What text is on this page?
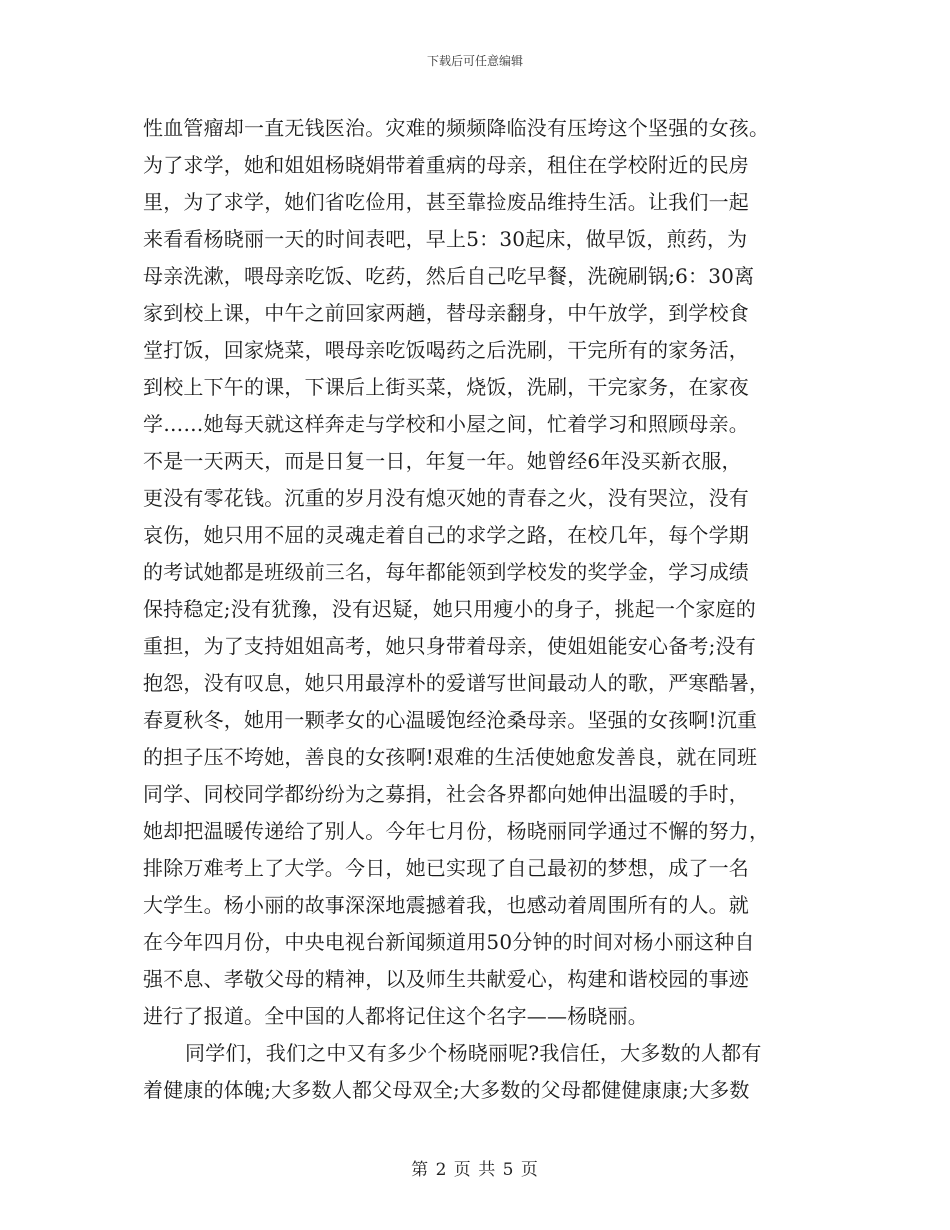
下载后可任意编辑
性血管瘤却一直无钱医治。灾难的频频降临没有压垮这个坚强的女孩。
为了求学，她和姐姐杨晓娟带着重病的母亲，租住在学校附近的民房
里，为了求学，她们省吃俭用，甚至靠捡废品维持生活。让我们一起
来看看杨晓丽一天的时间表吧，早上5：30起床，做早饭，煎药，为
母亲洗漱，喂母亲吃饭、吃药，然后自己吃早餐，洗碗刷锅;6：30离
家到校上课，中午之前回家两趟，替母亲翻身，中午放学，到学校食
堂打饭，回家烧菜，喂母亲吃饭喝药之后洗刷，干完所有的家务活，
到校上下午的课，下课后上街买菜，烧饭，洗刷，干完家务，在家夜
学……她每天就这样奔走与学校和小屋之间，忙着学习和照顾母亲。
不是一天两天，而是日复一日，年复一年。她曾经6年没买新衣服，
更没有零花钱。沉重的岁月没有熄灭她的青春之火，没有哭泣，没有
哀伤，她只用不屈的灵魂走着自己的求学之路，在校几年，每个学期
的考试她都是班级前三名，每年都能领到学校发的奖学金，学习成绩
保持稳定;没有犹豫，没有迟疑，她只用瘦小的身子，挑起一个家庭的
重担，为了支持姐姐高考，她只身带着母亲，使姐姐能安心备考;没有
抱怨，没有叹息，她只用最淳朴的爱谱写世间最动人的歌，严寒酷暑，
春夏秋冬，她用一颗孝女的心温暖饱经沧桑母亲。坚强的女孩啊!沉重
的担子压不垮她，善良的女孩啊!艰难的生活使她愈发善良，就在同班
同学、同校同学都纷纷为之募捐，社会各界都向她伸出温暖的手时，
她却把温暖传递给了别人。今年七月份，杨晓丽同学通过不懈的努力，
排除万难考上了大学。今日，她已实现了自己最初的梦想，成了一名
大学生。杨小丽的故事深深地震撼着我，也感动着周围所有的人。就
在今年四月份，中央电视台新闻频道用50分钟的时间对杨小丽这种自
强不息、孝敬父母的精神，以及师生共献爱心，构建和谐校园的事迹
进行了报道。全中国的人都将记住这个名字——杨晓丽。
同学们，我们之中又有多少个杨晓丽呢?我信任，大多数的人都有
着健康的体魄;大多数人都父母双全;大多数的父母都健健康康;大多数
第 2 页 共 5 页
